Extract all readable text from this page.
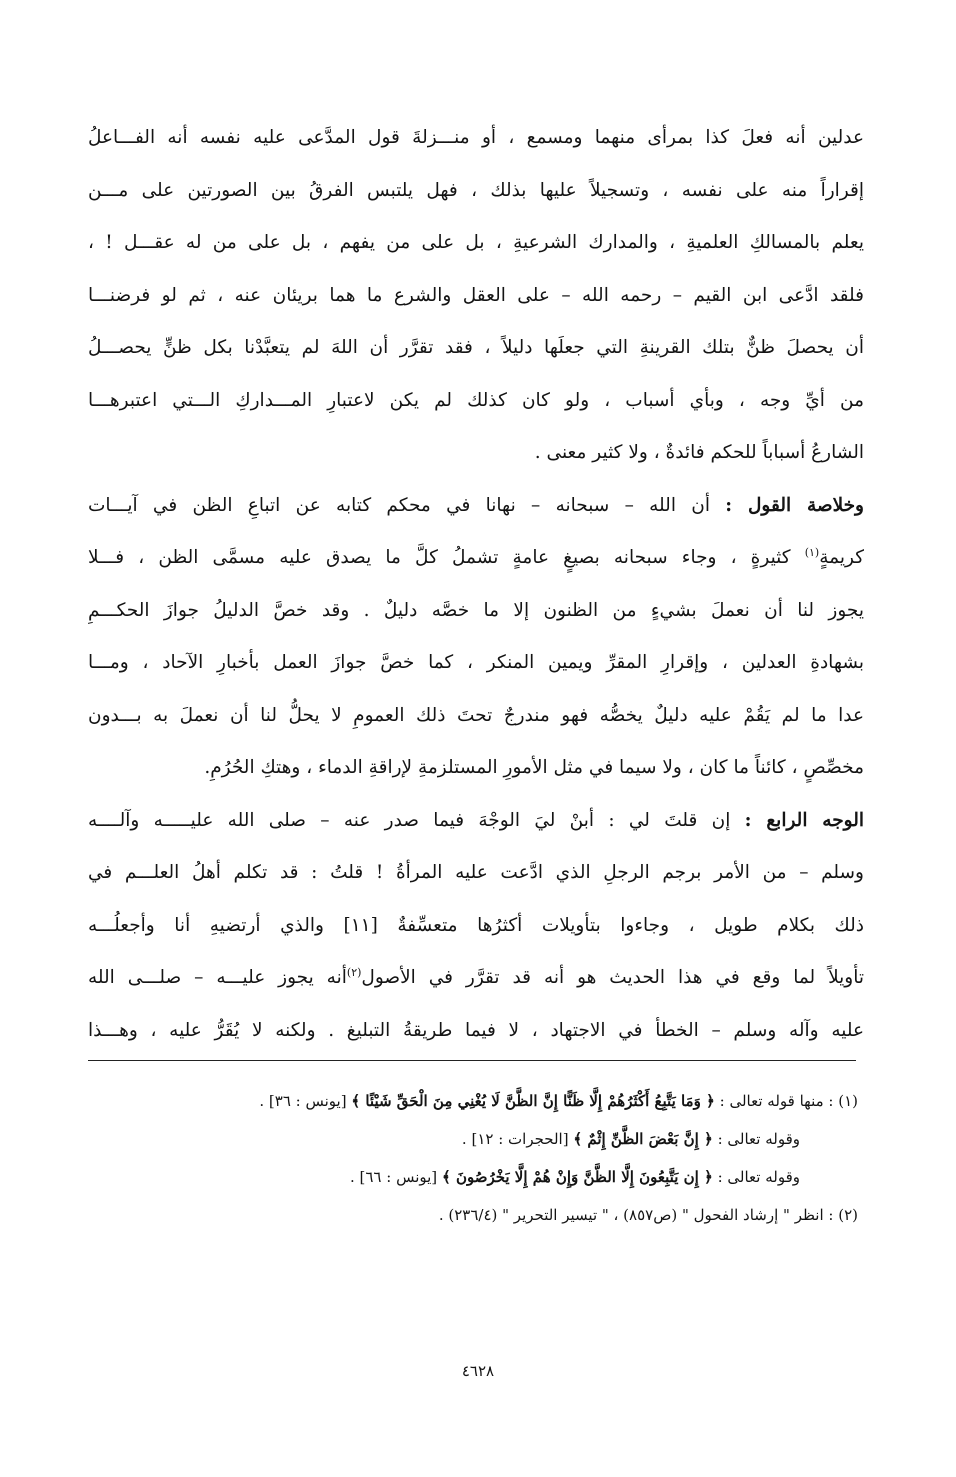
عدلين أنه فعلَ كذا بمرأى منهما ومسمع ، أو منـــزلةَ قول المدَّعى عليه نفسه أنه الفـــاعلُ
إقراراً منه على نفسه ، وتسجيلاً عليها بذلك ، فهل يلتبس الفرقُ بين الصورتين على مـــن
يعلم بالمسالكِ العلميةِ ، والمدارك الشرعيةِ ، بل على من يفهم ، بل على من له عقـــل ! ،
فلقد ادَّعى ابن القيم – رحمه الله – على العقل والشرع ما هما بريئان عنه ، ثم لو فرضنـــا
أن يحصلَ ظنٌّ بتلك القرينةِ التي جعلَها دليلاً ، فقد تقرَّر أن اللهَ لم يتعبَّدْنا بكل ظنٍّ يحصـــلُ
من أيِّ وجه ، وبأي أسباب ، ولو كان كذلك لم يكن لاعتبارِ المـــداركِ الـــتي اعتبرهـــا
الشارعُ أسباباً للحكم فائدةٌ ، ولا كثير معنى .
وخلاصة القول : أن الله – سبحانه – نهانا في محكم كتابه عن اتباعِ الظن في آيـــات
كريمةٍ$^{(١)}$ كثيرةٍ ، وجاء سبحانه بصيغٍ عامةٍ تشملُ كلَّ ما يصدق عليه مسمَّى الظن ، فـــلا
يجوز لنا أن نعملَ بشيءٍ من الظنون إلا ما خصَّه دليلٌ . وقد خصَّ الدليلُ جوازَ الحكـــمِ
بشهادةِ العدلين ، وإقرارِ المقرِّ ويمين المنكر ، كما خصَّ جوازَ العمل بأخبارِ الآحاد ، ومـــا
عدا ما لم يَقُمْ عليه دليلٌ يخصُّه فهو مندرجٌ تحتَ ذلك العمومِ لا يحلُّ لنا أن نعملَ به بـــدون
مخصِّصٍ ، كائناً ما كان ، ولا سيما في مثل الأمورِ المستلزمةِ لإراقةِ الدماء ، وهتكِ الحُرُمِ.
الوجه الرابع : إن قلتَ لي : أبنْ ليَ الوجْهَ فيما صدر عنه – صلى الله عليـــــه وآلــــه
وسلم – من الأمر برجم الرجلِ الذي ادَّعت عليه المرأةُ ! قلتُ : قد تكلم أهلُ العلـــم في
ذلك بكلام طويل ، وجاءوا بتأويلات أكثرُها متعسِّفةٌ [١١] والذي أرتضيهِ أنا وأجعلُـــه
تأويلاً لما وقع في هذا الحديث هو أنه قد تقرَّر في الأصول$^{(٢)}$أنه يجوز عليـــه – صلـــى الله
عليه وآله وسلم – الخطأ في الاجتهاد ، لا فيما طريقةُ التبليغ . ولكنه لا يُقَرُّ عليه ، وهـــذا
(١) : منها قوله تعالى : ﴿ وَمَا يَتَّبِعُ أَكْثَرُهُمْ إِلَّا ظَنًّا إِنَّ الظَّنَّ لَا يُغْنِي مِنَ الْحَقِّ شَيْئًا ﴾ [يونس : ٣٦] .
وقوله تعالى : ﴿ إِنَّ بَعْضَ الظَّنِّ إِثْمٌ ﴾ [الحجرات : ١٢] .
وقوله تعالى : ﴿ إِن يَتَّبِعُونَ إِلَّا الظَّنَّ وَإِنْ هُمْ إِلَّا يَخْرُصُونَ ﴾ [يونس : ٦٦] .
(٢) : انظر " إرشاد الفحول " (ص٨٥٧) ، " تيسير التحرير " (٢٣٦/٤) .
٤٦٢٨
